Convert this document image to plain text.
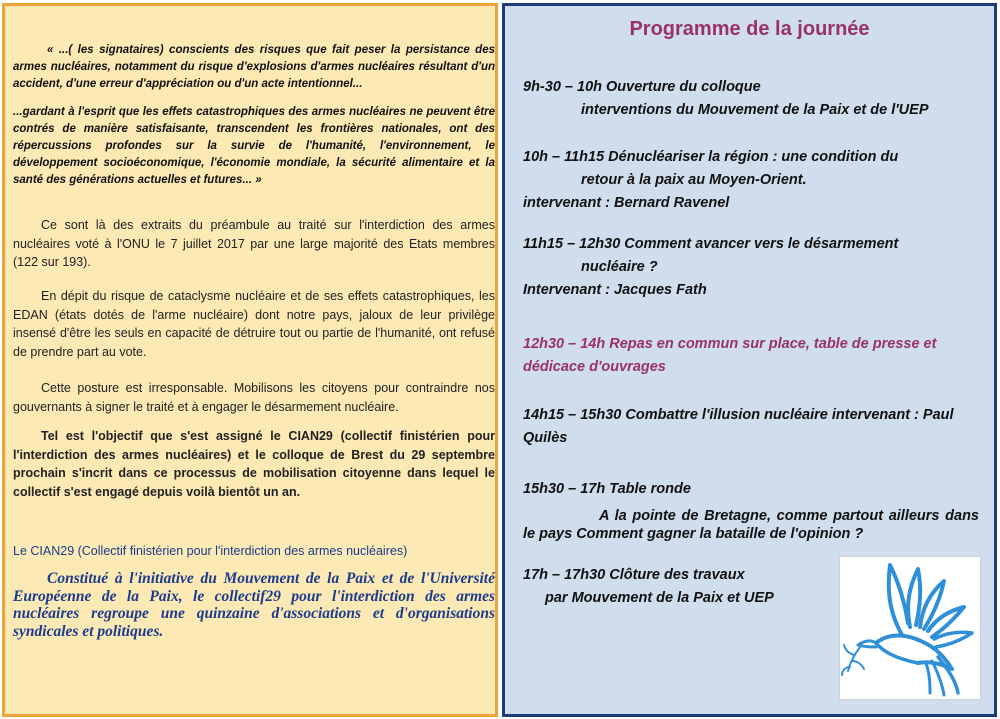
« ...( les signataires) conscients des risques que fait peser la persistance des armes nucléaires, notamment du risque d'explosions d'armes nucléaires résultant d'un accident, d'une erreur d'appréciation ou d'un acte intentionnel...

...gardant à l'esprit que les effets catastrophiques des armes nucléaires ne peuvent être contrés de manière satisfaisante, transcendent les frontières nationales, ont des répercussions profondes sur la survie de l'humanité, l'environnement, le développement socioéconomique, l'économie mondiale, la sécurité alimentaire et la santé des générations actuelles et futures... »

Ce sont là des extraits du préambule au traité sur l'interdiction des armes nucléaires voté à l'ONU le 7 juillet 2017 par une large majorité des Etats membres (122 sur 193).

En dépit du risque de cataclysme nucléaire et de ses effets catastrophiques, les EDAN (états dotés de l'arme nucléaire) dont notre pays, jaloux de leur privilège insensé d'être les seuls en capacité de détruire tout ou partie de l'humanité, ont refusé de prendre part au vote.

Cette posture est irresponsable. Mobilisons les citoyens pour contraindre nos gouvernants à signer le traité et à engager le désarmement nucléaire.

Tel est l'objectif que s'est assigné le CIAN29 (collectif finistérien pour l'interdiction des armes nucléaires) et le colloque de Brest du 29 septembre prochain s'incrit dans ce processus de mobilisation citoyenne dans lequel le collectif s'est engagé depuis voilà bientôt un an.

Le CIAN29 (Collectif finistérien pour l'interdiction des armes nucléaires)

Constitué à l'initiative du Mouvement de la Paix et de l'Université Européenne de la Paix, le collectif29 pour l'interdiction des armes nucléaires regroupe une quinzaine d'associations et d'organisations syndicales et politiques.

Programme de la journée
9h-30 – 10h Ouverture du colloque
interventions du Mouvement de la Paix et de l'UEP
10h – 11h15 Dénucléariser la région : une condition du
retour à la paix au Moyen-Orient.
intervenant : Bernard Ravenel
11h15 – 12h30 Comment avancer vers le désarmement
nucléaire ?
Intervenant : Jacques Fath
12h30 – 14h Repas en commun sur place, table de presse et dédicace d'ouvrages
14h15 – 15h30 Combattre l'illusion nucléaire intervenant : Paul Quilès
15h30 – 17h Table ronde
A la pointe de Bretagne, comme partout ailleurs dans le pays Comment gagner la bataille de l'opinion ?
17h – 17h30 Clôture des travaux
par Mouvement de la Paix et UEP
